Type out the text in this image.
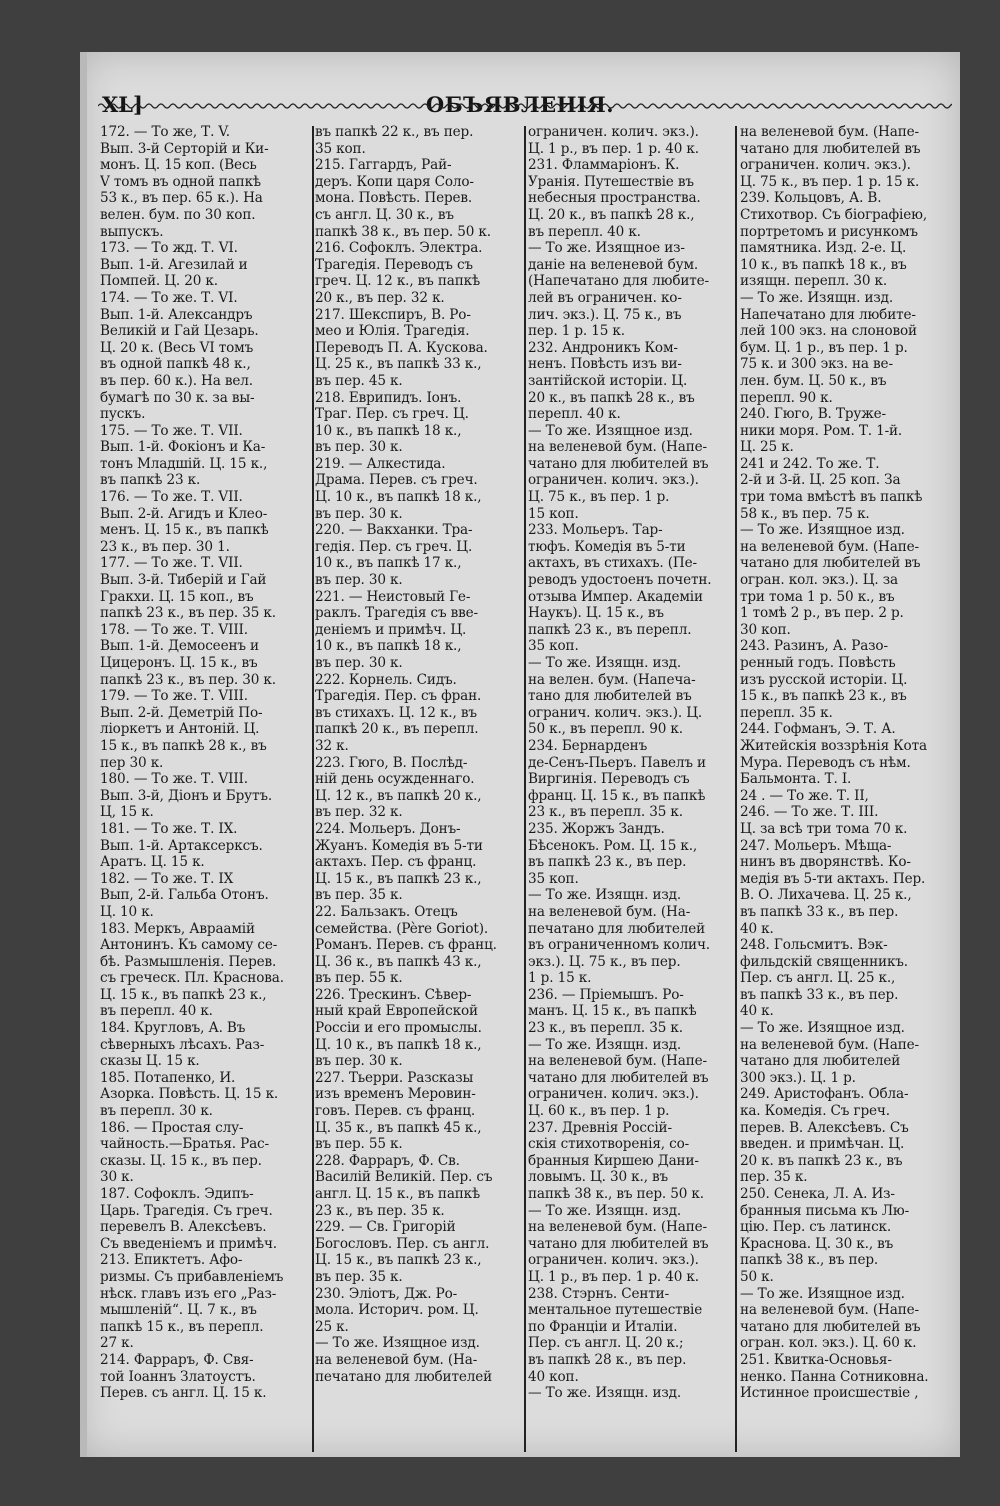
XL]	ОБЪЯВЛЕНІЯ.
172. — То же, Т. V.
Вып. 3-й Серторій и Ки-
монъ. Ц. 15 коп. (Весь
V томъ въ одной папкѣ
53 к., въ пер. 65 к.). На
велен. бум. по 30 коп.
выпускъ.
173. — То жд. Т. VI.
Вып. 1-й. Агезилай и
Помпей. Ц. 20 к.
174. — То же. Т. VI.
Вып. 1-й. Александръ
Великій и Гай Цезарь.
Ц. 20 к. (Весь VI томъ
въ одной папкѣ 48 к.,
въ пер. 60 к.). На вел.
бумагѣ по 30 к. за вы-
пускъ.
175. — То же. Т. VII.
Вып. 1-й. Фокіонъ и Ка-
тонъ Младшій. Ц. 15 к.,
въ папкѣ 23 к.
176. — То же. Т. VII.
Вып. 2-й. Агидъ и Клео-
менъ. Ц. 15 к., въ папкѣ
23 к., въ пер. 30 1.
177. — То же. Т. VII.
Вып. 3-й. Тиберій и Гай
Гракхи. Ц. 15 коп., въ
папкѣ 23 к., въ пер. 35 к.
178. — То же. Т. VIII.
Вып. 1-й. Демосеенъ и
Цицеронъ. Ц. 15 к., въ
папкѣ 23 к., въ пер. 30 к.
179. — То же. Т. VIII.
Вып. 2-й. Деметрій По-
ліоркетъ и Антоній. Ц.
15 к., въ папкѣ 28 к., въ
пер 30 к.
180. — То же. Т. VIII.
Вып. 3-й, Діонъ и Брутъ.
Ц, 15 к.
181. — То же. Т. IX.
Вып. 1-й. Артаксерксъ.
Аратъ. Ц. 15 к.
182. — То же. Т. IX
Вып, 2-й. Гальба Отонъ.
Ц. 10 к.
183. Меркъ, Авраамій
Антонинъ. Къ самому се-
бѣ. Размышленія. Перев.
съ греческ. Пл. Краснова.
Ц. 15 к., въ папкѣ 23 к.,
въ перепл. 40 к.
184. Кругловъ, А. Въ
сѣверныхъ лѣсахъ. Раз-
сказы Ц. 15 к.
185. Потапенко, И.
Азорка. Повѣсть. Ц. 15 к.
въ перепл. 30 к.
186. — Простая слу-
чайность.—Братья. Рас-
сказы. Ц. 15 к., въ пер.
30 к.
187. Софоклъ. Эдипъ-
Царь. Трагедія. Съ греч.
перевелъ В. Алексѣевъ.
Съ введеніемъ и примѣч.
213. Епиктетъ. Афо-
ризмы. Съ прибавленіемъ
нѣск. главъ изъ его „Раз-
мышленій“. Ц. 7 к., въ
папкѣ 15 к., въ перепл.
27 к.
214. Фарраръ, Ф. Свя-
той Іоаннъ Златоустъ.
Перев. съ англ. Ц. 15 к.
въ папкѣ 22 к., въ пер.
35 коп.
215. Гаггардъ, Рай-
деръ. Копи царя Соло-
мона. Повѣсть. Перев.
съ англ. Ц. 30 к., въ
папкѣ 38 к., въ пер. 50 к.
216. Софоклъ. Электра.
Трагедія. Переводъ съ
греч. Ц. 12 к., въ папкѣ
20 к., въ пер. 32 к.
217. Шекспиръ, В. Ро-
мео и Юлія. Трагедія.
Переводъ П. А. Кускова.
Ц. 25 к., въ папкѣ 33 к.,
въ пер. 45 к.
218. Еврипидъ. Іонъ.
Траг. Пер. съ греч. Ц.
10 к., въ папкѣ 18 к.,
въ пер. 30 к.
219. — Алкестида.
Драма. Перев. съ греч.
Ц. 10 к., въ папкѣ 18 к.,
въ пер. 30 к.
220. — Вакханки. Тра-
гедія. Пер. съ греч. Ц.
10 к., въ папкѣ 17 к.,
въ пер. 30 к.
221. — Неистовый Ге-
раклъ. Трагедія съ вве-
деніемъ и примѣч. Ц.
10 к., въ папкѣ 18 к.,
въ пер. 30 к.
222. Корнель. Сидъ.
Трагедія. Пер. съ фран.
въ стихахъ. Ц. 12 к., въ
папкѣ 20 к., въ перепл.
32 к.
223. Гюго, В. Послѣд-
ній день осужденнаго.
Ц. 12 к., въ папкѣ 20 к.,
въ пер. 32 к.
224. Мольеръ. Донъ-
Жуанъ. Комедія въ 5-ти
актахъ. Пер. съ франц.
Ц. 15 к., въ папкѣ 23 к.,
въ пер. 35 к.
22. Бальзакъ. Отецъ
семейства. (Père Goriot).
Романъ. Перев. съ франц.
Ц. 36 к., въ папкѣ 43 к.,
въ пер. 55 к.
226. Трескинъ. Сѣвер-
ный край Европейской
Россіи и его промыслы.
Ц. 10 к., въ папкѣ 18 к.,
въ пер. 30 к.
227. Тьерри. Разсказы
изъ временъ Меровин-
говъ. Перев. съ франц.
Ц. 35 к., въ папкѣ 45 к.,
въ пер. 55 к.
228. Фарраръ, Ф. Св.
Василій Великій. Пер. съ
англ. Ц. 15 к., въ папкѣ
23 к., въ пер. 35 к.
229. — Св. Григорій
Богословъ. Пер. съ англ.
Ц. 15 к., въ папкѣ 23 к.,
въ пер. 35 к.
230. Эліотъ, Дж. Ро-
мола. Историч. ром. Ц.
25 к.
— То же. Изящное изд.
на веленевой бум. (На-
печатано для любителей
ограничен. колич. экз.).
Ц. 1 р., въ пер. 1 р. 40 к.
231. Фламмаріонъ. К.
Уранія. Путешествіе въ
небесныя пространства.
Ц. 20 к., въ папкѣ 28 к.,
въ перепл. 40 к.
— То же. Изящное из-
даніе на веленевой бум.
(Напечатано для любите-
лей въ ограничен. ко-
лич. экз.). Ц. 75 к., въ
пер. 1 р. 15 к.
232. Андроникъ Ком-
ненъ. Повѣсть изъ ви-
зантійской исторіи. Ц.
20 к., въ папкѣ 28 к., въ
перепл. 40 к.
— То же. Изящное изд.
на веленевой бум. (Напе-
чатано для любителей въ
ограничен. колич. экз.).
Ц. 75 к., въ пер. 1 р.
15 коп.
233. Мольеръ. Тар-
тюфъ. Комедія въ 5-ти
актахъ, въ стихахъ. (Пе-
реводъ удостоенъ почетн.
отзыва Импер. Академіи
Наукъ). Ц. 15 к., въ
папкѣ 23 к., въ перепл.
35 коп.
— То же. Изящн. изд.
на велен. бум. (Напеча-
тано для любителей въ
огранич. колич. экз.). Ц.
50 к., въ перепл. 90 к.
234. Бернарденъ
де-Сенъ-Пьеръ. Павелъ и
Виргинія. Переводъ съ
франц. Ц. 15 к., въ папкѣ
23 к., въ перепл. 35 к.
235. Жоржъ Зандъ.
Бѣсенокъ. Ром. Ц. 15 к.,
въ папкѣ 23 к., въ пер.
35 коп.
— То же. Изящн. изд.
на веленевой бум. (На-
печатано для любителей
въ ограниченномъ колич.
экз.). Ц. 75 к., въ пер.
1 р. 15 к.
236. — Пріемышъ. Ро-
манъ. Ц. 15 к., въ папкѣ
23 к., въ перепл. 35 к.
— То же. Изящн. изд.
на веленевой бум. (Напе-
чатано для любителей въ
ограничен. колич. экз.).
Ц. 60 к., въ пер. 1 р.
237. Древнія Россій-
скія стихотворенія, со-
бранныя Киршею Дани-
ловымъ. Ц. 30 к., въ
папкѣ 38 к., въ пер. 50 к.
— То же. Изящн. изд.
на веленевой бум. (Напе-
чатано для любителей въ
ограничен. колич. экз.).
Ц. 1 р., въ пер. 1 р. 40 к.
238. Стэрнъ. Сенти-
ментальное путешествіе
по Франціи и Италіи.
Пер. съ англ. Ц. 20 к.;
въ папкѣ 28 к., въ пер.
40 коп.
— То же. Изящн. изд.
на веленевой бум. (Напе-
чатано для любителей въ
ограничен. колич. экз.).
Ц. 75 к., въ пер. 1 р. 15 к.
239. Кольцовъ, А. В.
Стихотвор. Съ біографіею,
портретомъ и рисункомъ
памятника. Изд. 2-е. Ц.
10 к., въ папкѣ 18 к., въ
изящн. перепл. 30 к.
— То же. Изящн. изд.
Напечатано для любите-
лей 100 экз. на слоновой
бум. Ц. 1 р., въ пер. 1 р.
75 к. и 300 экз. на ве-
лен. бум. Ц. 50 к., въ
перепл. 90 к.
240. Гюго, В. Труже-
ники моря. Ром. Т. 1-й.
Ц. 25 к.
241 и 242. То же. Т.
2-й и 3-й. Ц. 25 коп. За
три тома вмѣстѣ въ папкѣ
58 к., въ пер. 75 к.
— То же. Изящное изд.
на веленевой бум. (Напе-
чатано для любителей въ
огран. кол. экз.). Ц. за
три тома 1 р. 50 к., въ
1 томѣ 2 р., въ пер. 2 р.
30 коп.
243. Разинъ, А. Разо-
ренный годъ. Повѣсть
изъ русской исторіи. Ц.
15 к., въ папкѣ 23 к., въ
перепл. 35 к.
244. Гофманъ, Э. Т. А.
Житейскія воззрѣнія Кота
Мура. Переводъ съ нѣм.
Бальмонта. Т. I.
24 . — То же. Т. II,
246. — То же. Т. III.
Ц. за всѣ три тома 70 к.
247. Мольеръ. Мѣща-
нинъ въ дворянствѣ. Ко-
медія въ 5-ти актахъ. Пер.
В. О. Лихачева. Ц. 25 к.,
въ папкѣ 33 к., въ пер.
40 к.
248. Гольсмитъ. Вэк-
фильдскій священникъ.
Пер. съ англ. Ц. 25 к.,
въ папкѣ 33 к., въ пер.
40 к.
— То же. Изящное изд.
на веленевой бум. (Напе-
чатано для любителей
300 экз.). Ц. 1 р.
249. Аристофанъ. Обла-
ка. Комедія. Съ греч.
перев. В. Алексѣевъ. Съ
введен. и примѣчан. Ц.
20 к. въ папкѣ 23 к., въ
пер. 35 к.
250. Сенека, Л. А. Из-
бранныя письма къ Лю-
цію. Пер. съ латинск.
Краснова. Ц. 30 к., въ
папкѣ 38 к., въ пер.
50 к.
— То же. Изящное изд.
на веленевой бум. (Напе-
чатано для любителей въ
огран. кол. экз.). Ц. 60 к.
251. Квитка-Основья-
ненко. Панна Сотниковна.
Истинное происшествіе ,
